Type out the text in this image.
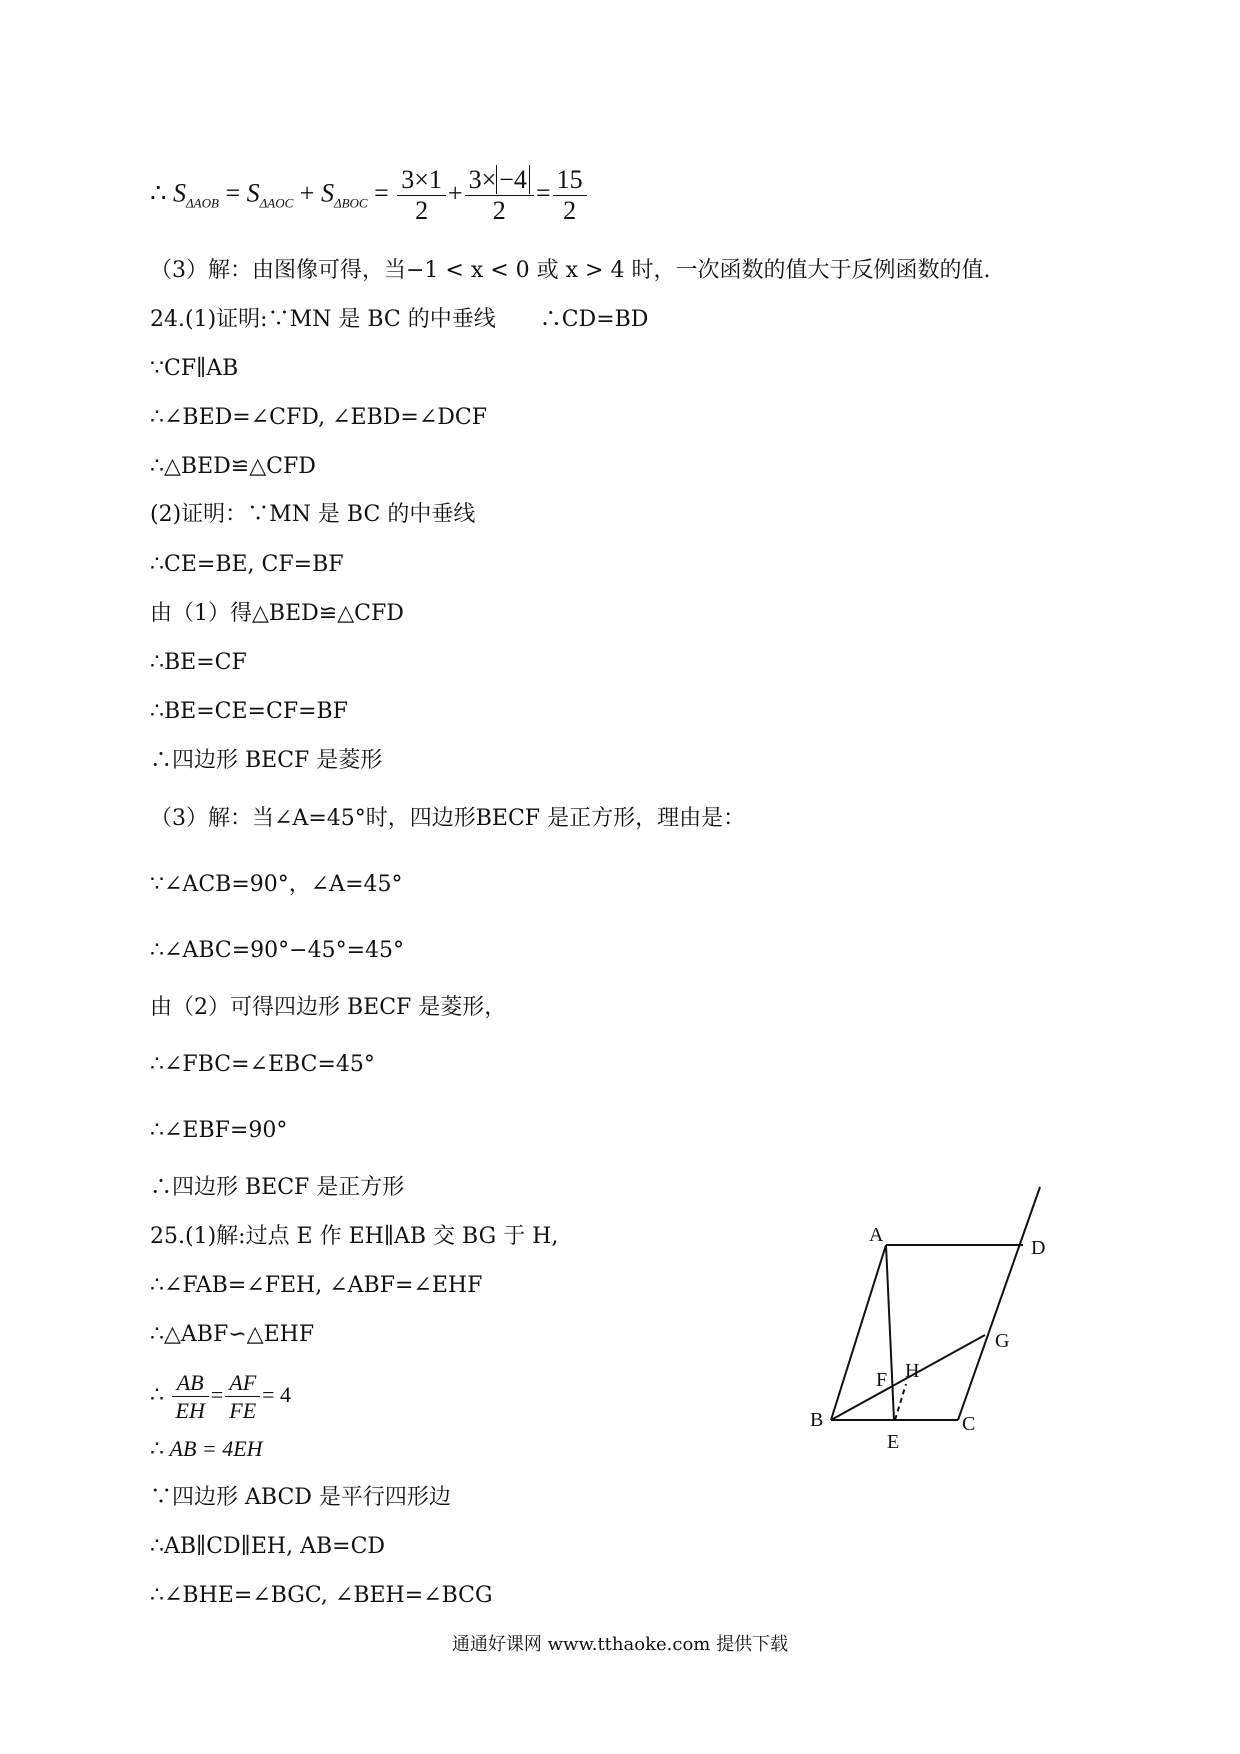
∴ $S_{\Delta AOB} = S_{\Delta AOC} + S_{\Delta BOC} = \frac{3\times 1}{2} + \frac{3\times -4}{2} = \frac{15}{2}$
（3）解：由图像可得，当−1 < x < 0 或 x > 4 时，一次函数的值大于反例函数的值.
24.(1)证明:∵MN 是 BC 的中垂线　　∴CD=BD
∵CF∥AB
∴∠BED=∠CFD, ∠EBD=∠DCF
∴△BED≌△CFD
(2)证明：∵MN 是 BC 的中垂线
∴CE=BE, CF=BF
由（1）得△BED≌△CFD
∴BE=CF
∴BE=CE=CF=BF
∴四边形 BECF 是菱形
（3）解：当∠A=45°时，四边形BECF 是正方形，理由是：
∵∠ACB=90°，∠A=45°
∴∠ABC=90°−45°=45°
由（2）可得四边形 BECF 是菱形，
∴∠FBC=∠EBC=45°
∴∠EBF=90°
∴四边形 BECF 是正方形
25.(1)解:过点 E 作 EH∥AB 交 BG 于 H,
∴∠FAB=∠FEH, ∠ABF=∠EHF
∴△ABF∽△EHF
∴ $\frac{AB}{EH} = \frac{AF}{FE} = 4$
∴ AB = 4EH
∵四边形 ABCD 是平行四形边
∴AB∥CD∥EH, AB=CD
∴∠BHE=∠BGC, ∠BEH=∠BCG
A
D
G
F H
B
E
C
通通好课网 www.tthaoke.com 提供下载
